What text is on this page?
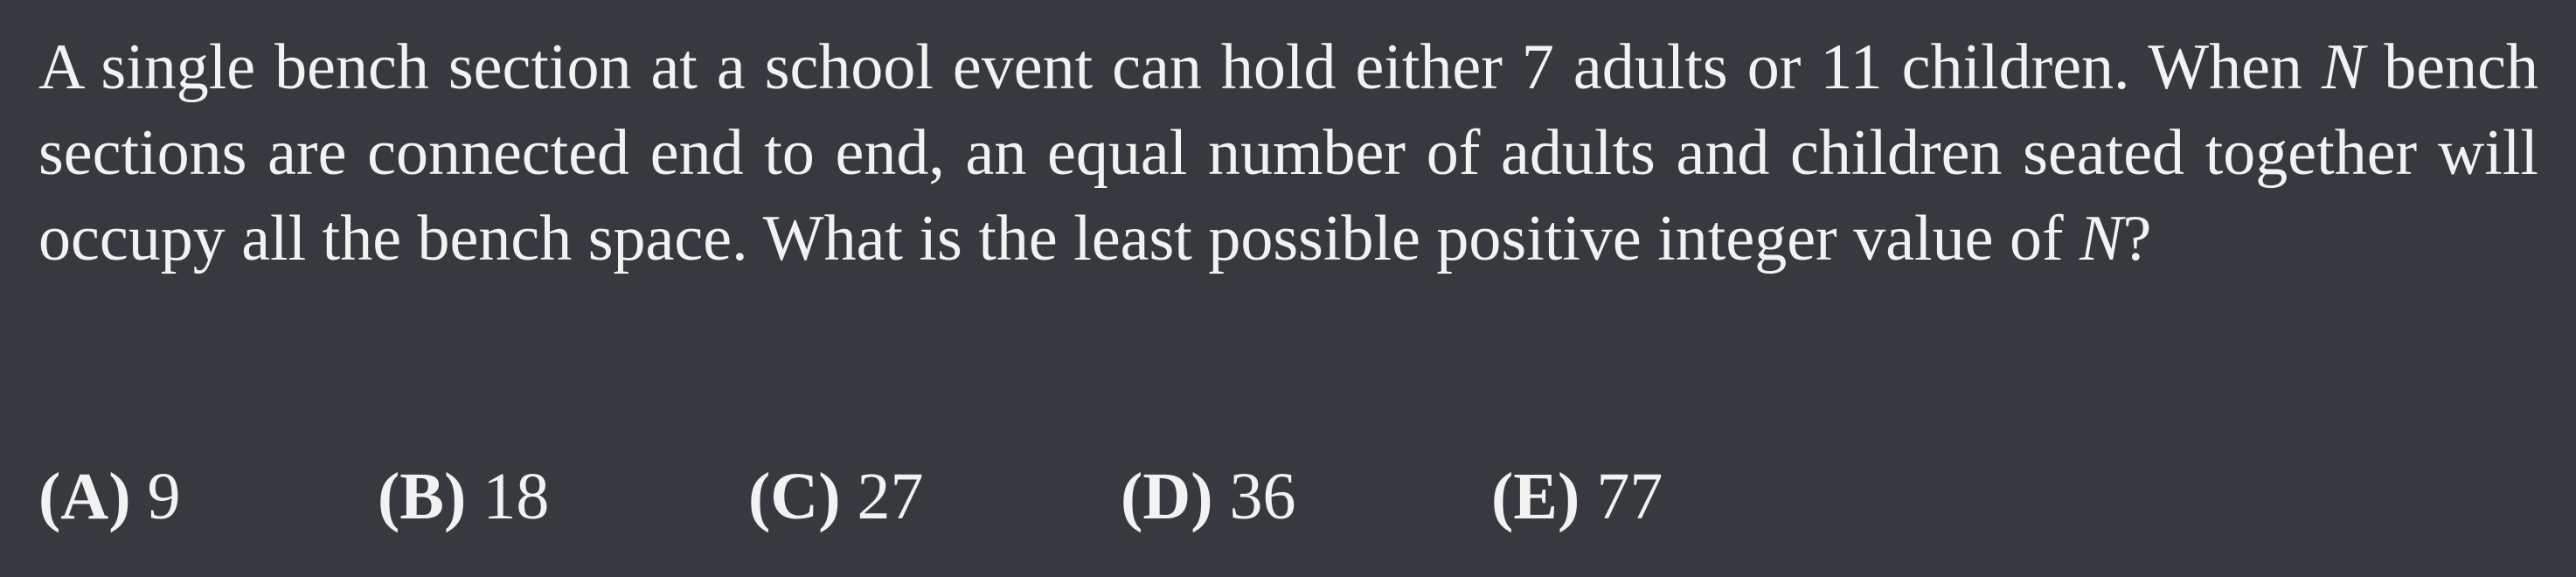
A single bench section at a school event can hold either 7 adults or 11 children. When N bench sections are connected end to end, an equal number of adults and children seated together will occupy all the bench space. What is the least possible positive integer value of N?
(A) 9	(B) 18	(C) 27	(D) 36	(E) 77
